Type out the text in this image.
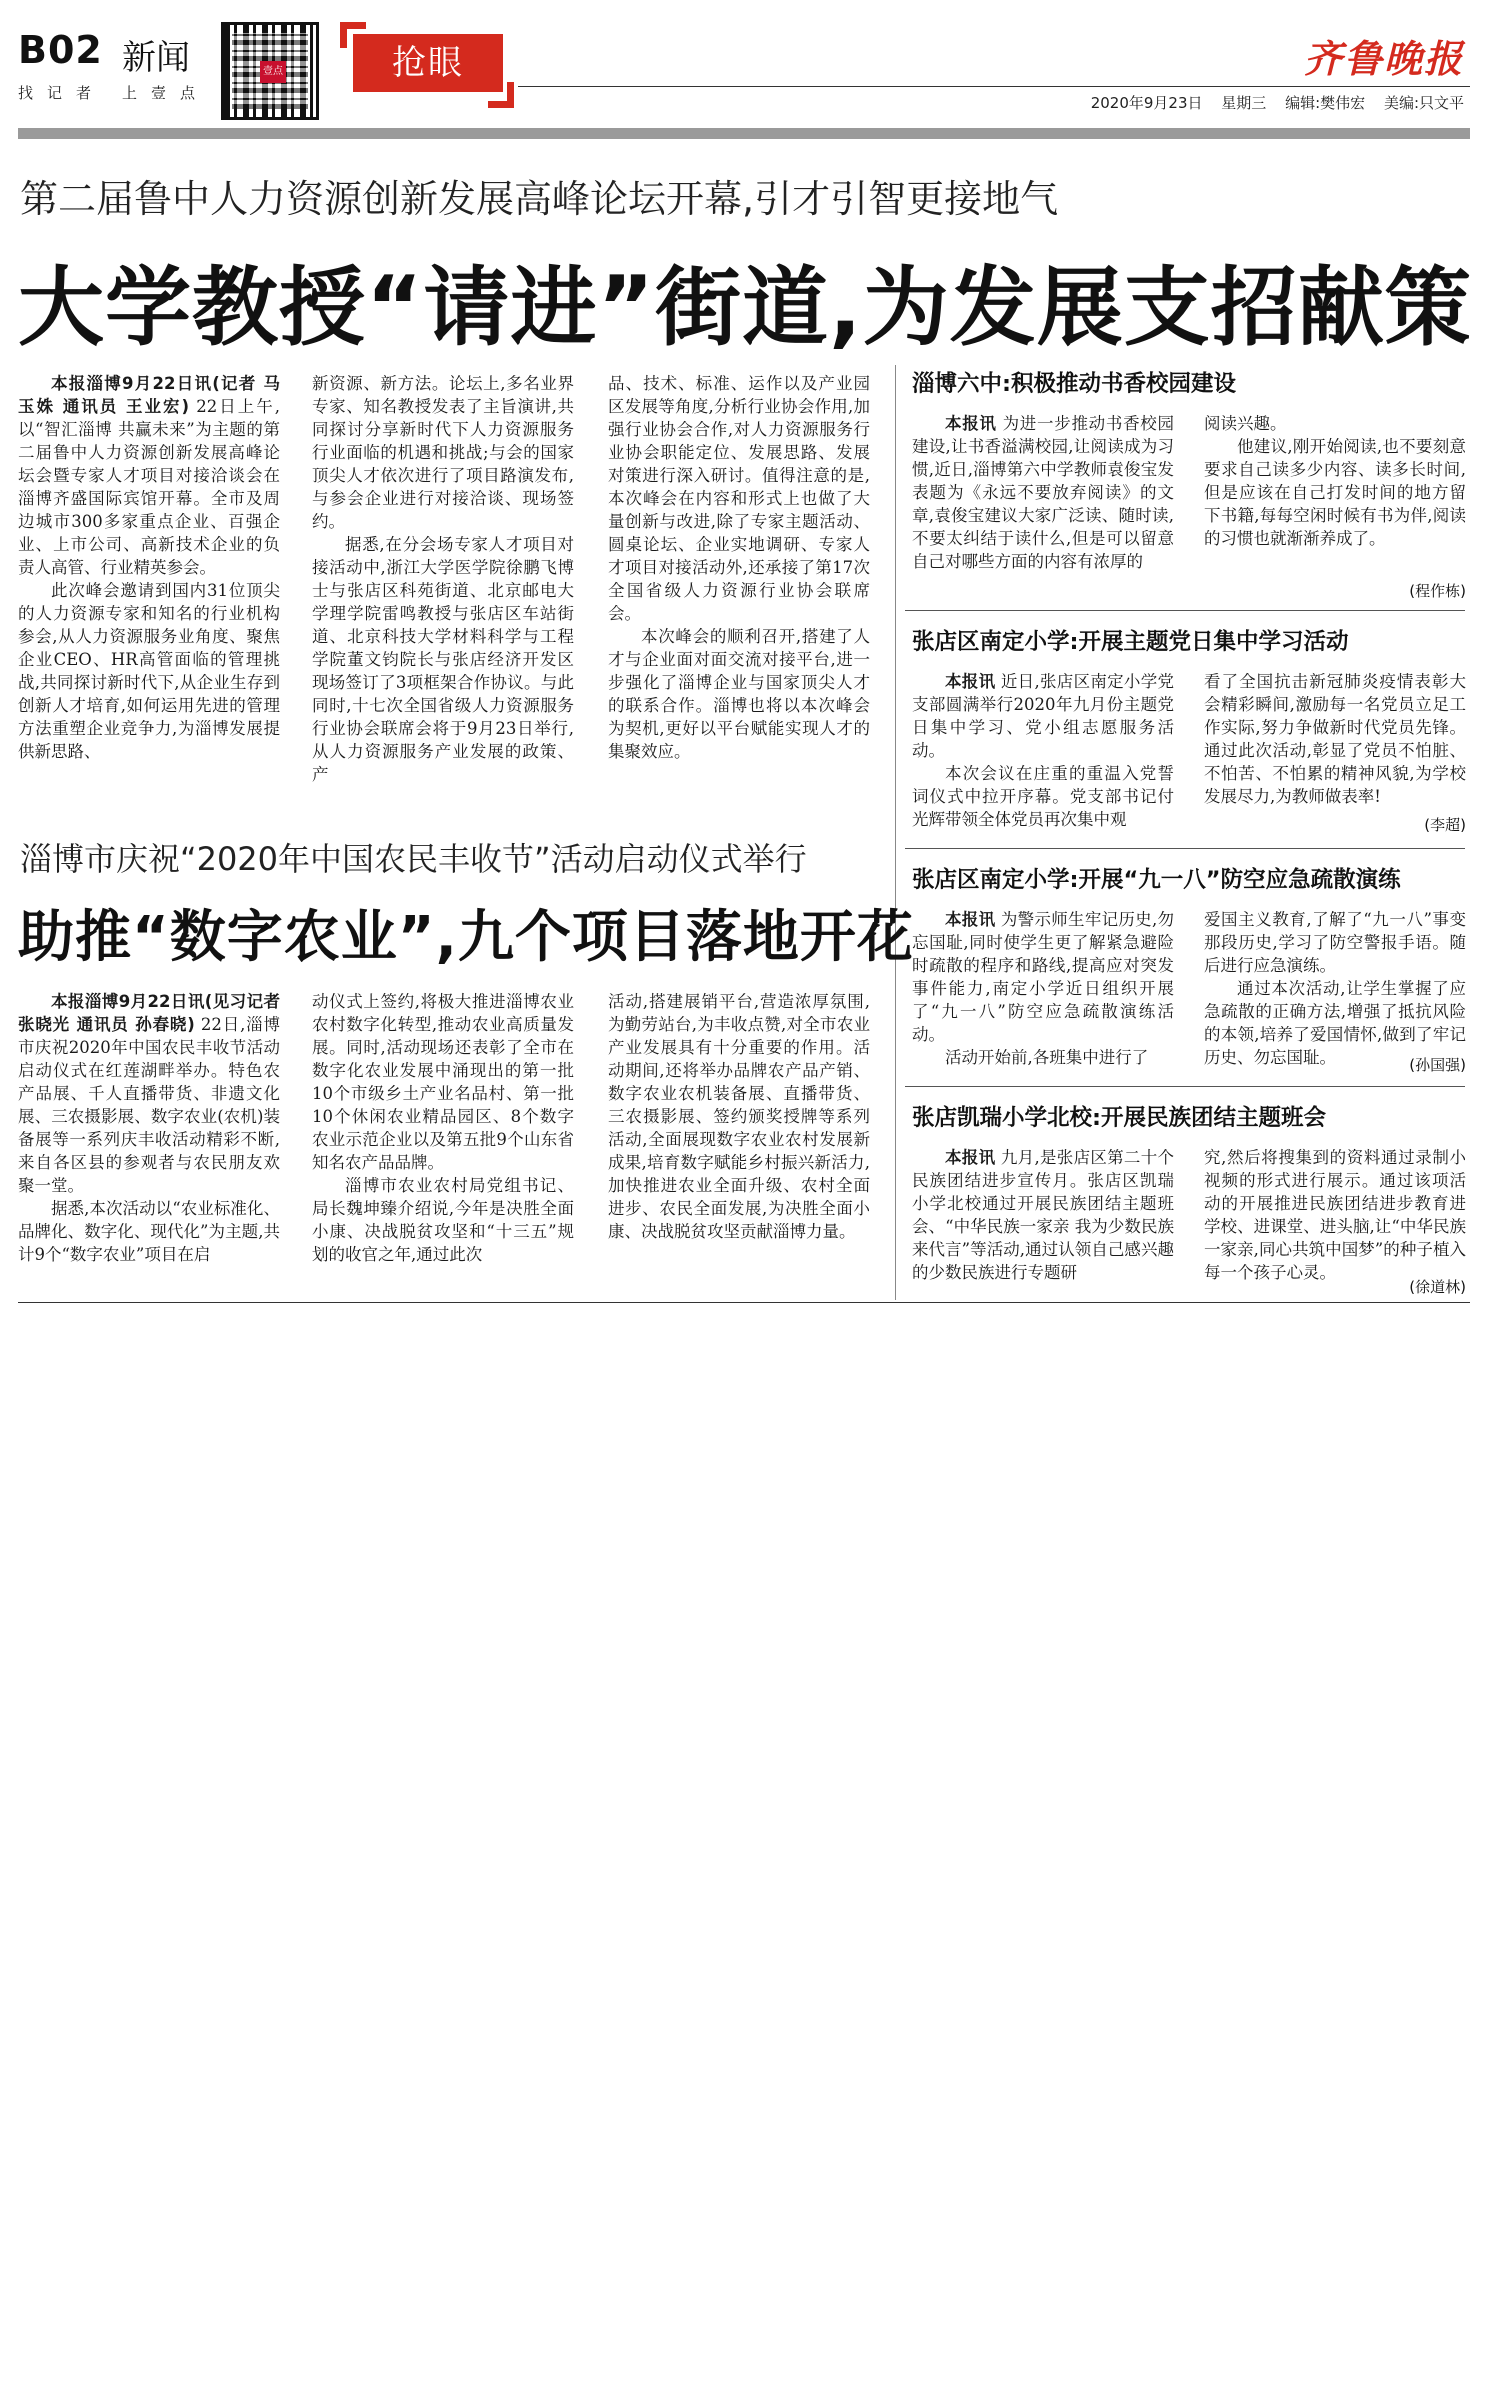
B02 新闻
找记者 上壹点
壹点	抢眼	齐鲁晚报
2020年9月23日 星期三 编辑:樊伟宏 美编:只文平
第二届鲁中人力资源创新发展高峰论坛开幕,引才引智更接地气
大学教授“请进”街道,为发展支招献策

本报淄博9月22日讯(记者 马玉姝 通讯员 王业宏) 22日上午,以“智汇淄博 共赢未来”为主题的第二届鲁中人力资源创新发展高峰论坛会暨专家人才项目对接洽谈会在淄博齐盛国际宾馆开幕。全市及周边城市300多家重点企业、百强企业、上市公司、高新技术企业的负责人高管、行业精英参会。

此次峰会邀请到国内31位顶尖的人力资源专家和知名的行业机构参会,从人力资源服务业角度、聚焦企业CEO、HR高管面临的管理挑战,共同探讨新时代下,从企业生存到创新人才培育,如何运用先进的管理方法重塑企业竞争力,为淄博发展提供新思路、

新资源、新方法。论坛上,多名业界专家、知名教授发表了主旨演讲,共同探讨分享新时代下人力资源服务行业面临的机遇和挑战;与会的国家顶尖人才依次进行了项目路演发布,与参会企业进行对接洽谈、现场签约。

据悉,在分会场专家人才项目对接活动中,浙江大学医学院徐鹏飞博士与张店区科苑街道、北京邮电大学理学院雷鸣教授与张店区车站街道、北京科技大学材料科学与工程学院董文钧院长与张店经济开发区现场签订了3项框架合作协议。与此同时,十七次全国省级人力资源服务行业协会联席会将于9月23日举行,从人力资源服务产业发展的政策、产

品、技术、标准、运作以及产业园区发展等角度,分析行业协会作用,加强行业协会合作,对人力资源服务行业协会职能定位、发展思路、发展对策进行深入研讨。值得注意的是,本次峰会在内容和形式上也做了大量创新与改进,除了专家主题活动、圆桌论坛、企业实地调研、专家人才项目对接活动外,还承接了第17次全国省级人力资源行业协会联席会。

本次峰会的顺利召开,搭建了人才与企业面对面交流对接平台,进一步强化了淄博企业与国家顶尖人才的联系合作。淄博也将以本次峰会为契机,更好以平台赋能实现人才的集聚效应。

淄博市庆祝“2020年中国农民丰收节”活动启动仪式举行
助推“数字农业”,九个项目落地开花

本报淄博9月22日讯(见习记者 张晓光 通讯员 孙春晓) 22日,淄博市庆祝2020年中国农民丰收节活动启动仪式在红莲湖畔举办。特色农产品展、千人直播带货、非遗文化展、三农摄影展、数字农业(农机)装备展等一系列庆丰收活动精彩不断,来自各区县的参观者与农民朋友欢聚一堂。

据悉,本次活动以“农业标准化、品牌化、数字化、现代化”为主题,共计9个“数字农业”项目在启

动仪式上签约,将极大推进淄博农业农村数字化转型,推动农业高质量发展。同时,活动现场还表彰了全市在数字化农业发展中涌现出的第一批10个市级乡土产业名品村、第一批10个休闲农业精品园区、8个数字农业示范企业以及第五批9个山东省知名农产品品牌。

淄博市农业农村局党组书记、局长魏坤臻介绍说,今年是决胜全面小康、决战脱贫攻坚和“十三五”规划的收官之年,通过此次

活动,搭建展销平台,营造浓厚氛围,为勤劳站台,为丰收点赞,对全市农业产业发展具有十分重要的作用。活动期间,还将举办品牌农产品产销、数字农业农机装备展、直播带货、三农摄影展、签约颁奖授牌等系列活动,全面展现数字农业农村发展新成果,培育数字赋能乡村振兴新活力,加快推进农业全面升级、农村全面进步、农民全面发展,为决胜全面小康、决战脱贫攻坚贡献淄博力量。

淄博六中:积极推动书香校园建设

本报讯 为进一步推动书香校园建设,让书香溢满校园,让阅读成为习惯,近日,淄博第六中学教师袁俊宝发表题为《永远不要放弃阅读》的文章,袁俊宝建议大家广泛读、随时读,不要太纠结于读什么,但是可以留意自己对哪些方面的内容有浓厚的

阅读兴趣。

他建议,刚开始阅读,也不要刻意要求自己读多少内容、读多长时间,但是应该在自己打发时间的地方留下书籍,每每空闲时候有书为伴,阅读的习惯也就渐渐养成了。

(程作栋)
张店区南定小学:开展主题党日集中学习活动

本报讯 近日,张店区南定小学党支部圆满举行2020年九月份主题党日集中学习、党小组志愿服务活动。

本次会议在庄重的重温入党誓词仪式中拉开序幕。党支部书记付光辉带领全体党员再次集中观

看了全国抗击新冠肺炎疫情表彰大会精彩瞬间,激励每一名党员立足工作实际,努力争做新时代党员先锋。通过此次活动,彰显了党员不怕脏、不怕苦、不怕累的精神风貌,为学校发展尽力,为教师做表率!

(李超)
张店区南定小学:开展“九一八”防空应急疏散演练

本报讯 为警示师生牢记历史,勿忘国耻,同时使学生更了解紧急避险时疏散的程序和路线,提高应对突发事件能力,南定小学近日组织开展了“九一八”防空应急疏散演练活动。

活动开始前,各班集中进行了

爱国主义教育,了解了“九一八”事变那段历史,学习了防空警报手语。随后进行应急演练。

通过本次活动,让学生掌握了应急疏散的正确方法,增强了抵抗风险的本领,培养了爱国情怀,做到了牢记历史、勿忘国耻。	(孙国强)
张店凯瑞小学北校:开展民族团结主题班会

本报讯 九月,是张店区第二十个民族团结进步宣传月。张店区凯瑞小学北校通过开展民族团结主题班会、“中华民族一家亲 我为少数民族来代言”等活动,通过认领自己感兴趣的少数民族进行专题研

究,然后将搜集到的资料通过录制小视频的形式进行展示。通过该项活动的开展推进民族团结进步教育进学校、进课堂、进头脑,让“中华民族一家亲,同心共筑中国梦”的种子植入每一个孩子心灵。

(徐道林)
